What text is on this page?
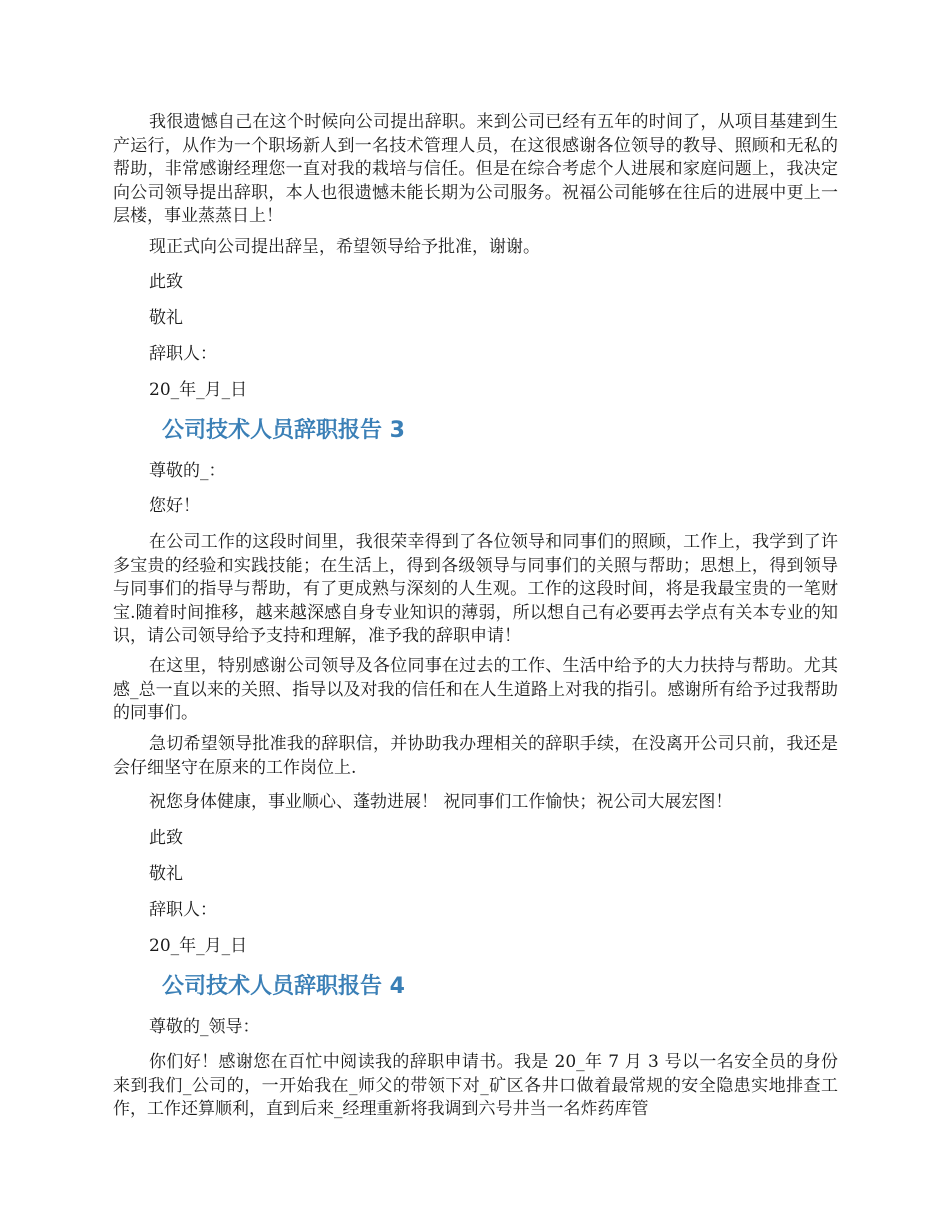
我很遗憾自己在这个时候向公司提出辞职。来到公司已经有五年的时间了，从项目基建到生产运行，从作为一个职场新人到一名技术管理人员，在这很感谢各位领导的教导、照顾和无私的帮助，非常感谢经理您一直对我的栽培与信任。但是在综合考虑个人进展和家庭问题上，我决定向公司领导提出辞职，本人也很遗憾未能长期为公司服务。祝福公司能够在往后的进展中更上一层楼，事业蒸蒸日上！

现正式向公司提出辞呈，希望领导给予批准，谢谢。

此致

敬礼

辞职人：

20_年_月_日

公司技术人员辞职报告 3

尊敬的_：

您好！

在公司工作的这段时间里，我很荣幸得到了各位领导和同事们的照顾，工作上，我学到了许多宝贵的经验和实践技能；在生活上，得到各级领导与同事们的关照与帮助；思想上，得到领导与同事们的指导与帮助，有了更成熟与深刻的人生观。工作的这段时间，将是我最宝贵的一笔财宝.随着时间推移，越来越深感自身专业知识的薄弱，所以想自己有必要再去学点有关本专业的知识，请公司领导给予支持和理解，准予我的辞职申请！

在这里，特别感谢公司领导及各位同事在过去的工作、生活中给予的大力扶持与帮助。尤其感_总一直以来的关照、指导以及对我的信任和在人生道路上对我的指引。感谢所有给予过我帮助的同事们。

急切希望领导批准我的辞职信，并协助我办理相关的辞职手续，在没离开公司只前，我还是会仔细坚守在原来的工作岗位上.

祝您身体健康，事业顺心、蓬勃进展！ 祝同事们工作愉快；祝公司大展宏图！

此致

敬礼

辞职人：

20_年_月_日

公司技术人员辞职报告 4

尊敬的_领导：

你们好！感谢您在百忙中阅读我的辞职申请书。我是 20_年 7 月 3 号以一名安全员的身份来到我们_公司的，一开始我在_师父的带领下对_矿区各井口做着最常规的安全隐患实地排查工作，工作还算顺利，直到后来_经理重新将我调到六号井当一名炸药库管
